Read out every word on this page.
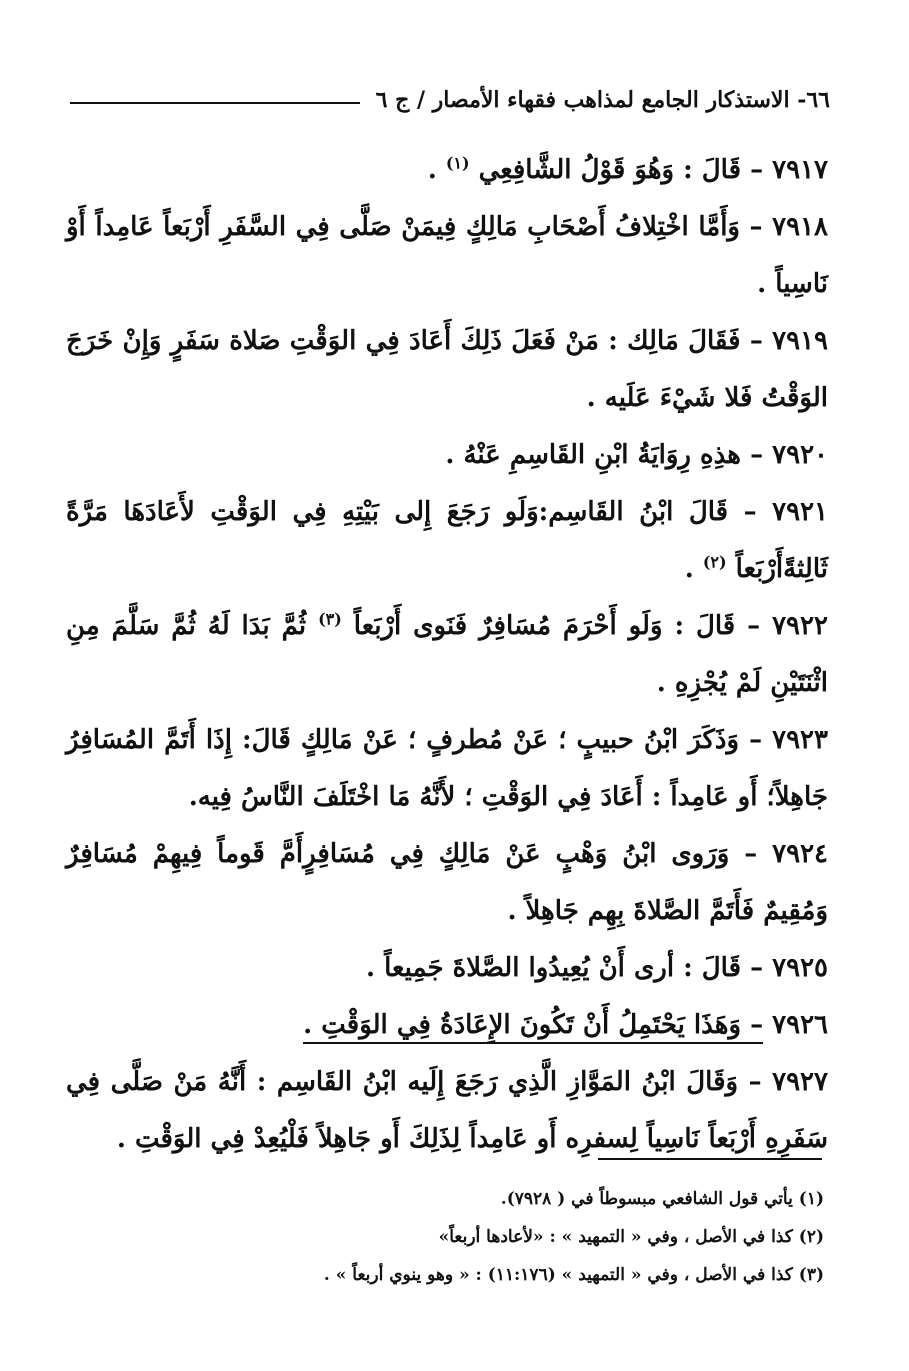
٦٦- الاستذكار الجامع لمذاهب فقهاء الأمصار / ج ٦

٧٩١٧ – قَالَ : وَهُوَ قَوْلُ الشَّافِعِي $^{(١)}$ .

٧٩١٨ – وَأَمَّا اخْتِلافُ أَصْحَابِ مَالِكٍ فِيمَنْ صَلَّى فِي السَّفَرِ أَرْبَعاً عَامِداً أَوْ نَاسِياً .

٧٩١٩ – فَقَالَ مَالِك : مَنْ فَعَلَ ذَلِكَ أَعَادَ فِي الوَقْتِ صَلاة سَفَرٍ وَإِنْ خَرَجَ الوَقْتُ فَلا شَيْءَ عَلَيه .

٧٩٢٠ – هذِهِ رِوَايَةُ ابْنِ القَاسِمِ عَنْهُ .

٧٩٢١ – قَالَ ابْنُ القَاسِم:وَلَو رَجَعَ إِلى بَيْتِهِ فِي الوَقْتِ لأَعَادَهَا مَرَّةً ثَالِثةًأَرْبَعاً $^{(٢)}$ .

٧٩٢٢ – قَالَ : وَلَو أَحْرَمَ مُسَافِرٌ فَنَوى أَرْبَعاً $^{(٣)}$ ثُمَّ بَدَا لَهُ ثُمَّ سَلَّمَ مِنِ اثْنَتَيْنِ لَمْ يُجْزِهِ .

٧٩٢٣ – وَذَكَرَ ابْنُ حبيبٍ ؛ عَنْ مُطرفٍ ؛ عَنْ مَالِكٍ قَالَ: إِذَا أَتَمَّ المُسَافِرُ جَاهِلاً؛ أَو عَامِداً : أَعَادَ فِي الوَقْتِ ؛ لأَنَّهُ مَا اخْتَلَفَ النَّاسُ فِيه.

٧٩٢٤ – وَرَوى ابْنُ وَهْبٍ عَنْ مَالِكٍ فِي مُسَافِرٍأَمَّ قَوماً فِيهِمْ مُسَافِرٌ وَمُقِيمٌ فَأَتَمَّ الصَّلاةَ بِهِم جَاهِلاً .

٧٩٢٥ – قَالَ : أرى أَنْ يُعِيدُوا الصَّلاةَ جَمِيعاً .

٧٩٢٦ – وَهَذَا يَحْتَمِلُ أَنْ تَكُونَ الإِعَادَةُ فِي الوَقْتِ .

٧٩٢٧ – وَقَالَ ابْنُ المَوَّازِ الَّذِي رَجَعَ إِلَيه ابْنُ القَاسِم : أَنَّهُ مَنْ صَلَّى فِي سَفَرِهِ أَرْبَعاً نَاسِياً لِسفرِه أَو عَامِداً لِذَلِكَ أَو جَاهِلاً فَلْيُعِدْ فِي الوَقْتِ .

(١) يأتي قول الشافعي مبسوطاً في ( ٧٩٢٨).

(٢) كذا في الأصل ، وفي « التمهيد » : «لأعادها أربعاً»

(٣) كذا في الأصل ، وفي « التمهيد » (١١:١٧٦) : « وهو ينوي أربعاً » .
